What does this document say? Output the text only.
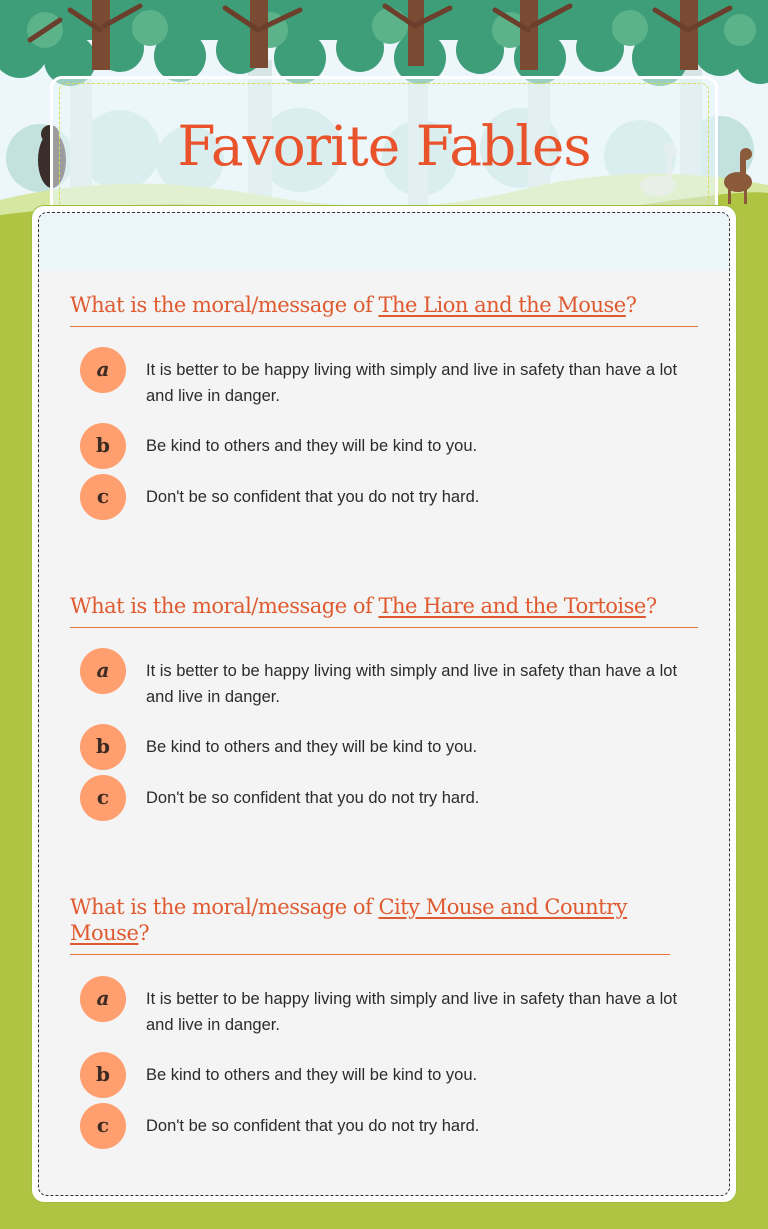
Favorite Fables

What is the moral/message of The Lion and the Mouse?

a	It is better to be happy living with simply and live in safety than have a lot and live in danger.
b	Be kind to others and they will be kind to you.
c	Don't be so confident that you do not try hard.

What is the moral/message of The Hare and the Tortoise?

a	It is better to be happy living with simply and live in safety than have a lot and live in danger.
b	Be kind to others and they will be kind to you.
c	Don't be so confident that you do not try hard.

What is the moral/message of City Mouse and Country Mouse?

a	It is better to be happy living with simply and live in safety than have a lot and live in danger.
b	Be kind to others and they will be kind to you.
c	Don't be so confident that you do not try hard.
